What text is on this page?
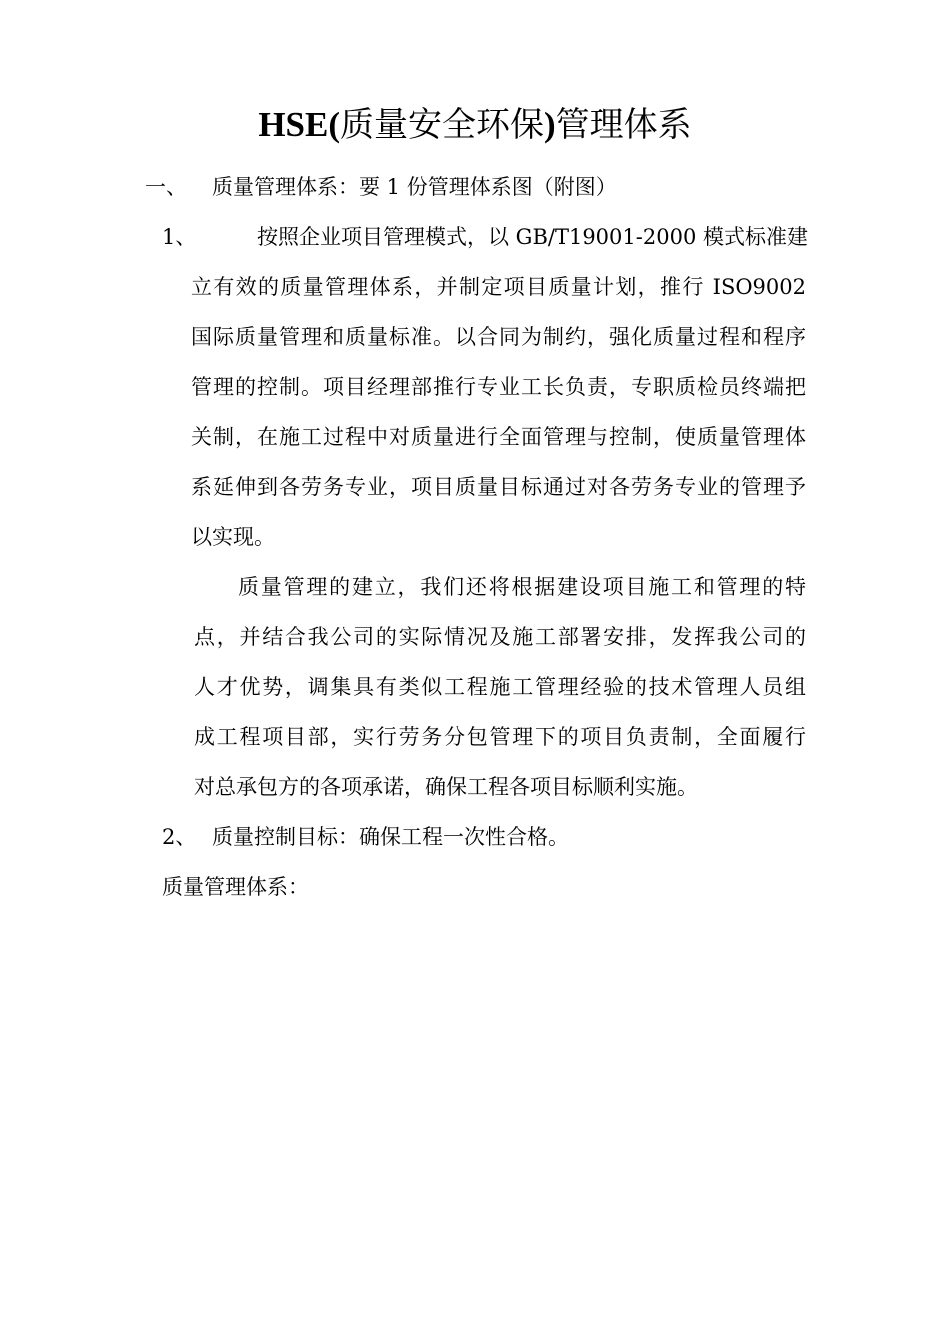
HSE(质量安全环保)管理体系
一、 质量管理体系：要 1 份管理体系图（附图）
1、	按照企业项目管理模式，以 GB/T19001-2000 模式标准建
立有效的质量管理体系，并制定项目质量计划，推行 ISO9002
国际质量管理和质量标准。以合同为制约，强化质量过程和程序
管理的控制。项目经理部推行专业工长负责，专职质检员终端把
关制，在施工过程中对质量进行全面管理与控制，使质量管理体
系延伸到各劳务专业，项目质量目标通过对各劳务专业的管理予
以实现。
质量管理的建立，我们还将根据建设项目施工和管理的特
点，并结合我公司的实际情况及施工部署安排，发挥我公司的
人才优势，调集具有类似工程施工管理经验的技术管理人员组
成工程项目部，实行劳务分包管理下的项目负责制，全面履行
对总承包方的各项承诺，确保工程各项目标顺利实施。
2、 质量控制目标：确保工程一次性合格。
质量管理体系：
